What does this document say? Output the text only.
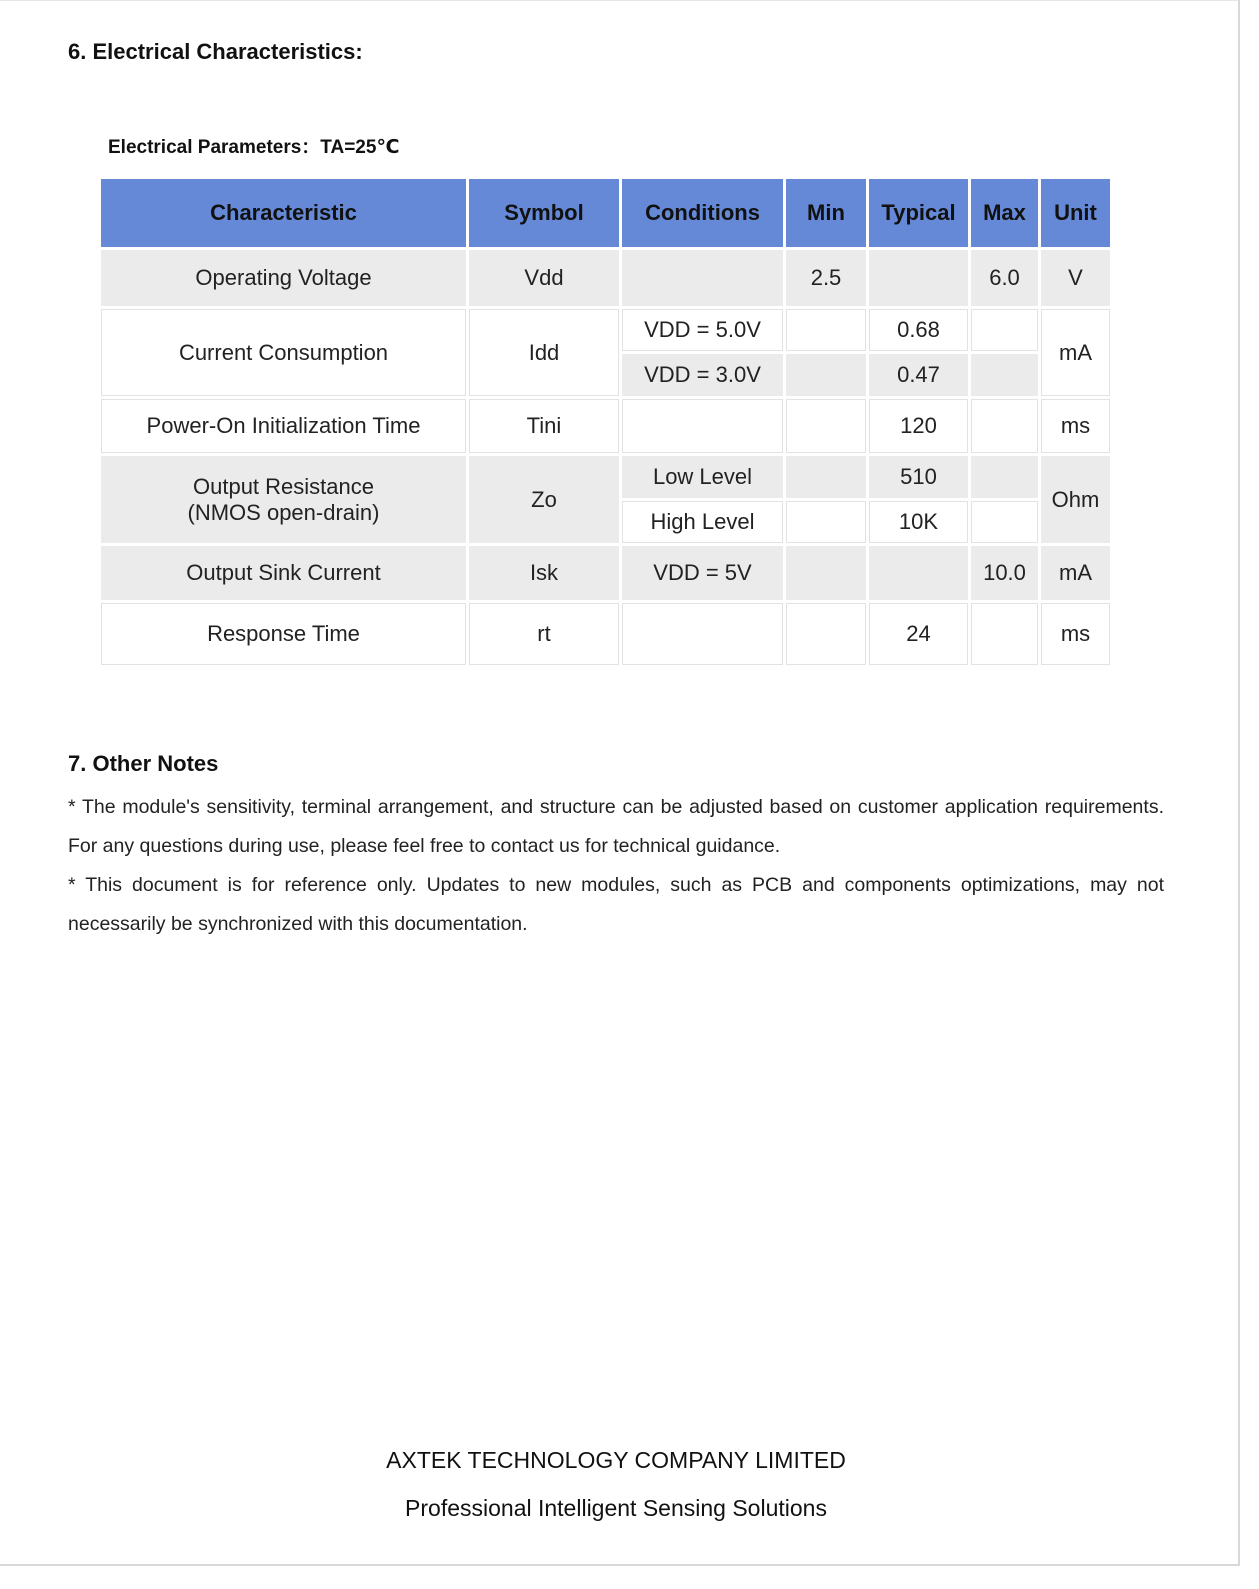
6. Electrical Characteristics:
Electrical Parameters：TA=25℃
Characteristic	Symbol	Conditions	Min	Typical	Max	Unit
Operating Voltage	Vdd		2.5		6.0	V
Current Consumption	Idd	VDD = 5.0V		0.68		mA
		VDD = 3.0V		0.47		
Power-On Initialization Time	Tini			120		ms

Output Resistance
(NMOS open-drain)	Zo	Low Level		510		Ohm
		High Level		10K		
Output Sink Current	Isk	VDD = 5V			10.0	mA
Response Time	rt			24		ms
7. Other Notes

* The module's sensitivity, terminal arrangement, and structure can be adjusted based on customer application requirements. For any questions during use, please feel free to contact us for technical guidance.

* This document is for reference only. Updates to new modules, such as PCB and components optimizations, may not necessarily be synchronized with this documentation.

AXTEK TECHNOLOGY COMPANY LIMITED
Professional Intelligent Sensing Solutions
